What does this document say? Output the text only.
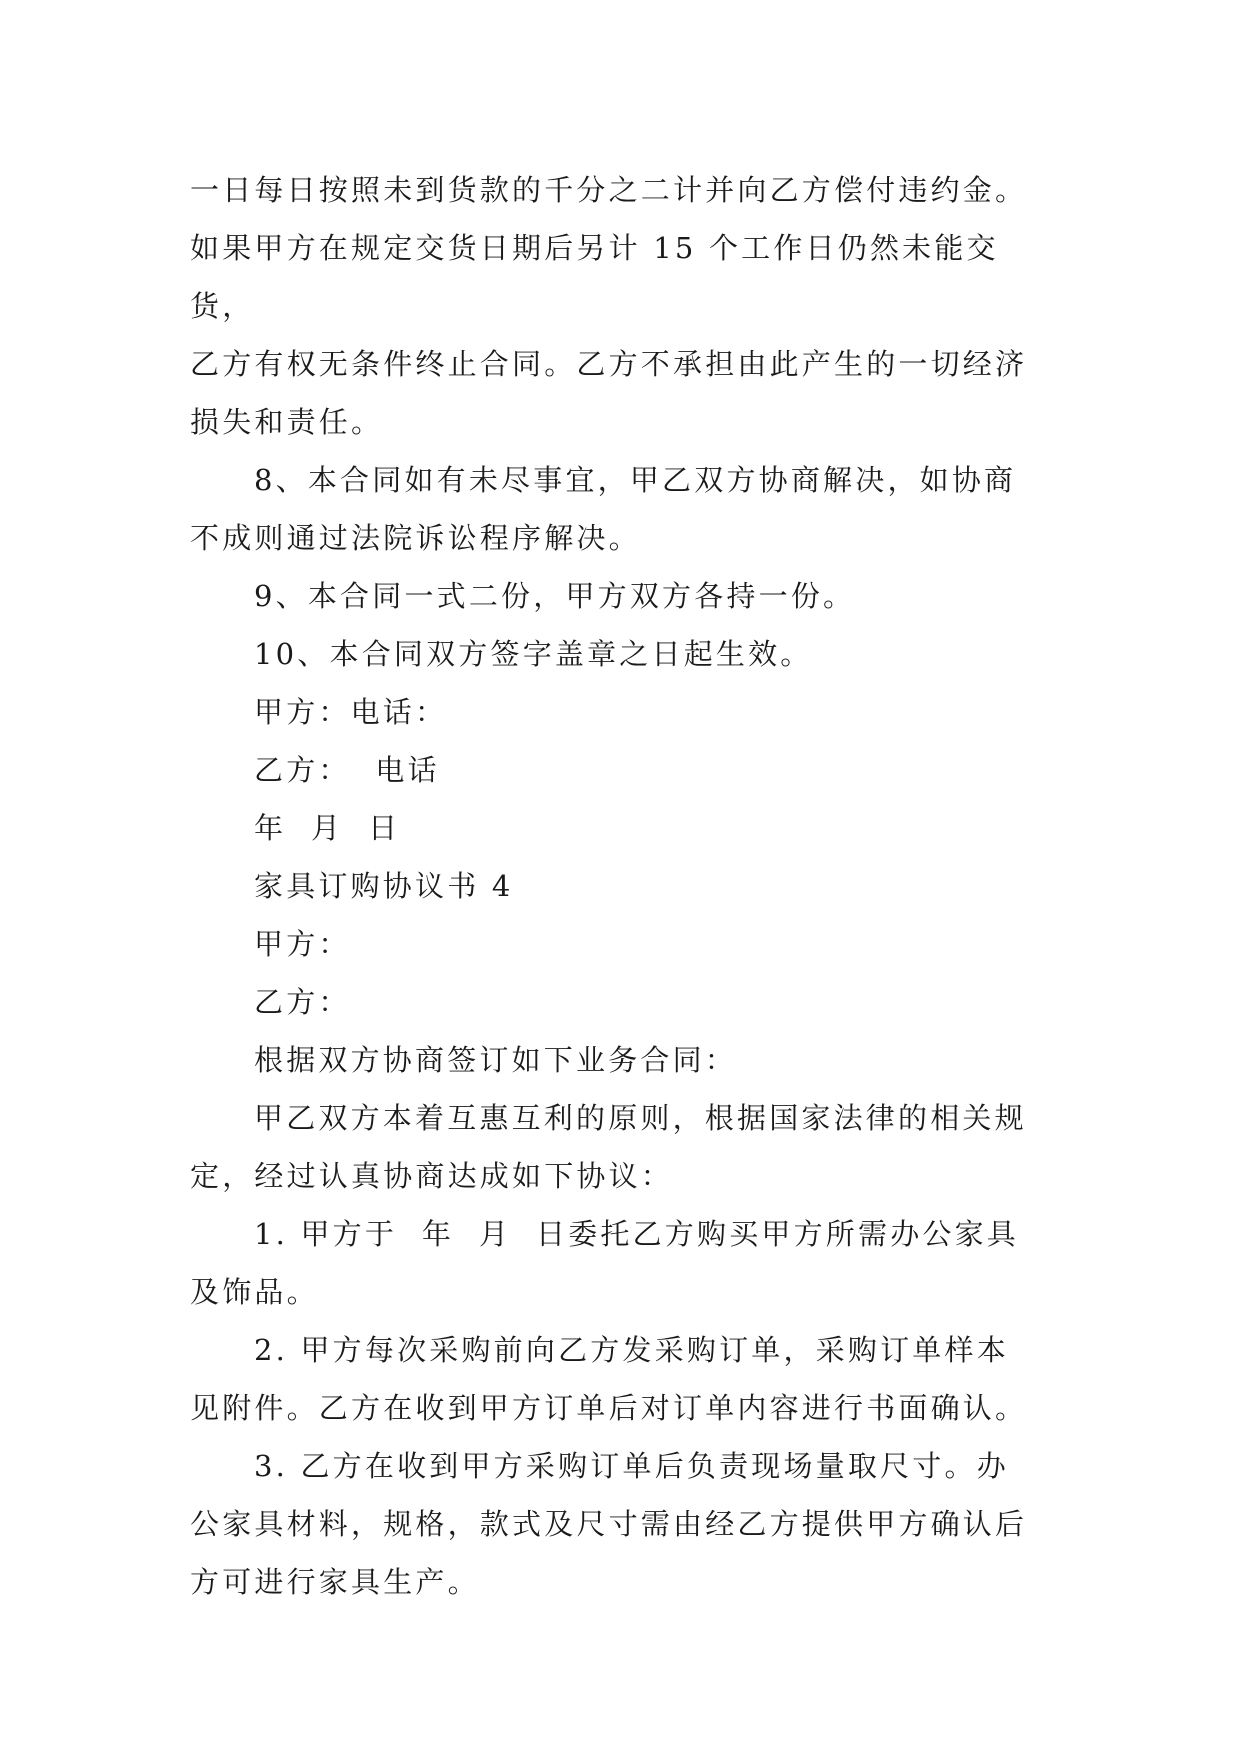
一日每日按照未到货款的千分之二计并向乙方偿付违约金。
如果甲方在规定交货日期后另计 15 个工作日仍然未能交货，
乙方有权无条件终止合同。乙方不承担由此产生的一切经济
损失和责任。

8、本合同如有未尽事宜，甲乙双方协商解决，如协商
不成则通过法院诉讼程序解决。

9、本合同一式二份，甲方双方各持一份。

10、本合同双方签字盖章之日起生效。

甲方：电话：

乙方：  电话

年  月  日

家具订购协议书 4

甲方：

乙方：

根据双方协商签订如下业务合同：

甲乙双方本着互惠互利的原则，根据国家法律的相关规
定，经过认真协商达成如下协议：

1. 甲方于  年  月  日委托乙方购买甲方所需办公家具
及饰品。

2. 甲方每次采购前向乙方发采购订单，采购订单样本
见附件。乙方在收到甲方订单后对订单内容进行书面确认。

3. 乙方在收到甲方采购订单后负责现场量取尺寸。办
公家具材料，规格，款式及尺寸需由经乙方提供甲方确认后
方可进行家具生产。
